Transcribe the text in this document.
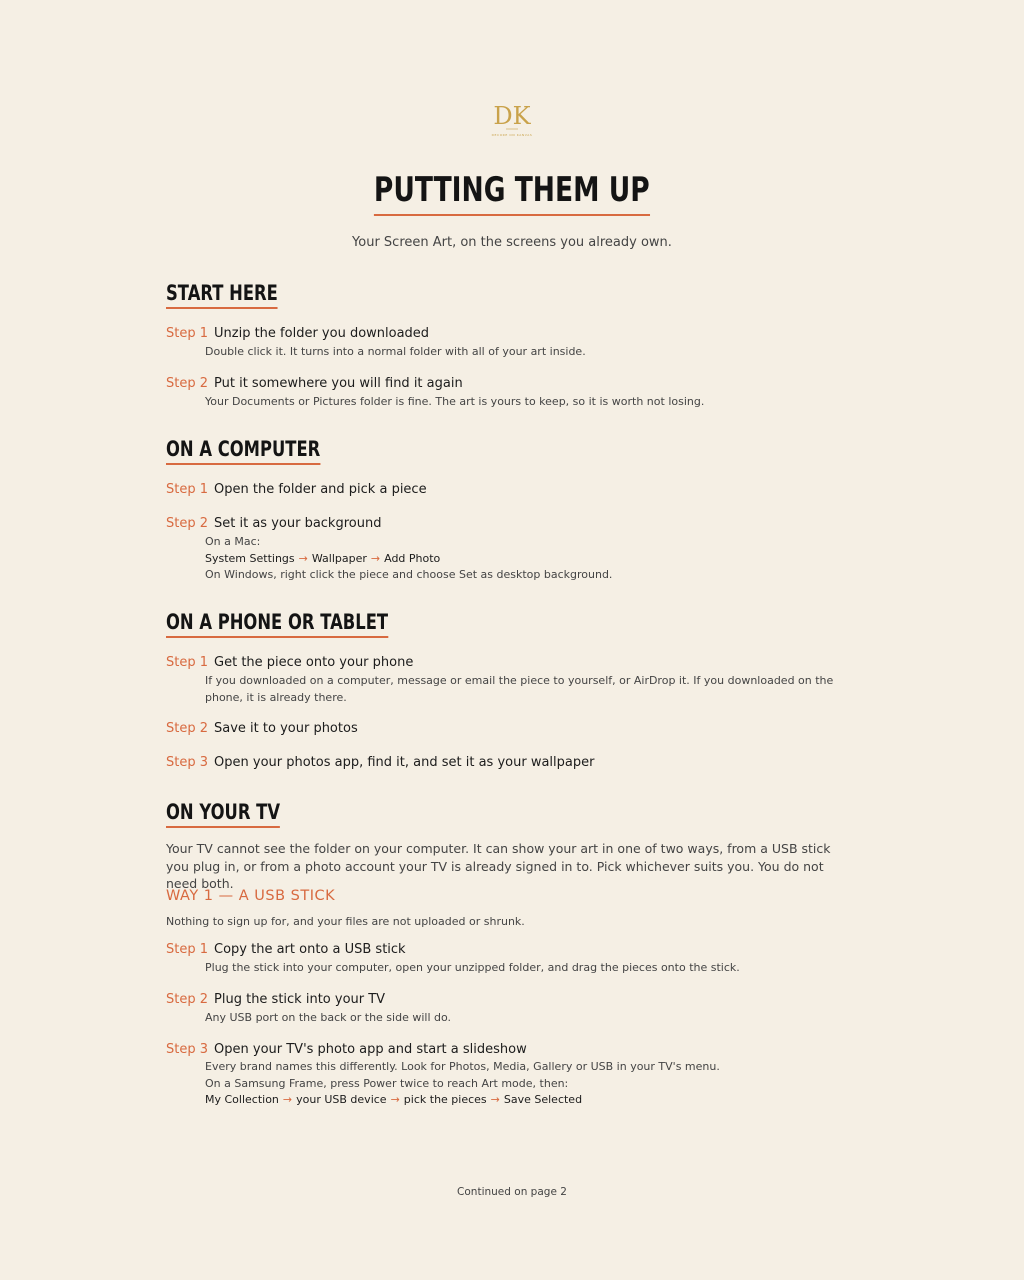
DK
DECORE ON KANVAS
PUTTING THEM UP
Your Screen Art, on the screens you already own.
START HERE
Step 1 Unzip the folder you downloaded
Double click it. It turns into a normal folder with all of your art inside.
Step 2 Put it somewhere you will find it again
Your Documents or Pictures folder is fine. The art is yours to keep, so it is worth not losing.
ON A COMPUTER
Step 1 Open the folder and pick a piece
Step 2 Set it as your background
On a Mac:
System Settings → Wallpaper → Add Photo
On Windows, right click the piece and choose Set as desktop background.
ON A PHONE OR TABLET
Step 1 Get the piece onto your phone
If you downloaded on a computer, message or email the piece to yourself, or AirDrop it. If you downloaded on the phone, it is already there.
Step 2 Save it to your photos
Step 3 Open your photos app, find it, and set it as your wallpaper
ON YOUR TV
Your TV cannot see the folder on your computer. It can show your art in one of two ways, from a USB stick you plug in, or from a photo account your TV is already signed in to. Pick whichever suits you. You do not need both.
WAY 1 — A USB STICK
Nothing to sign up for, and your files are not uploaded or shrunk.
Step 1 Copy the art onto a USB stick
Plug the stick into your computer, open your unzipped folder, and drag the pieces onto the stick.
Step 2 Plug the stick into your TV
Any USB port on the back or the side will do.
Step 3 Open your TV's photo app and start a slideshow
Every brand names this differently. Look for Photos, Media, Gallery or USB in your TV's menu.
On a Samsung Frame, press Power twice to reach Art mode, then:
My Collection → your USB device → pick the pieces → Save Selected
Continued on page 2
